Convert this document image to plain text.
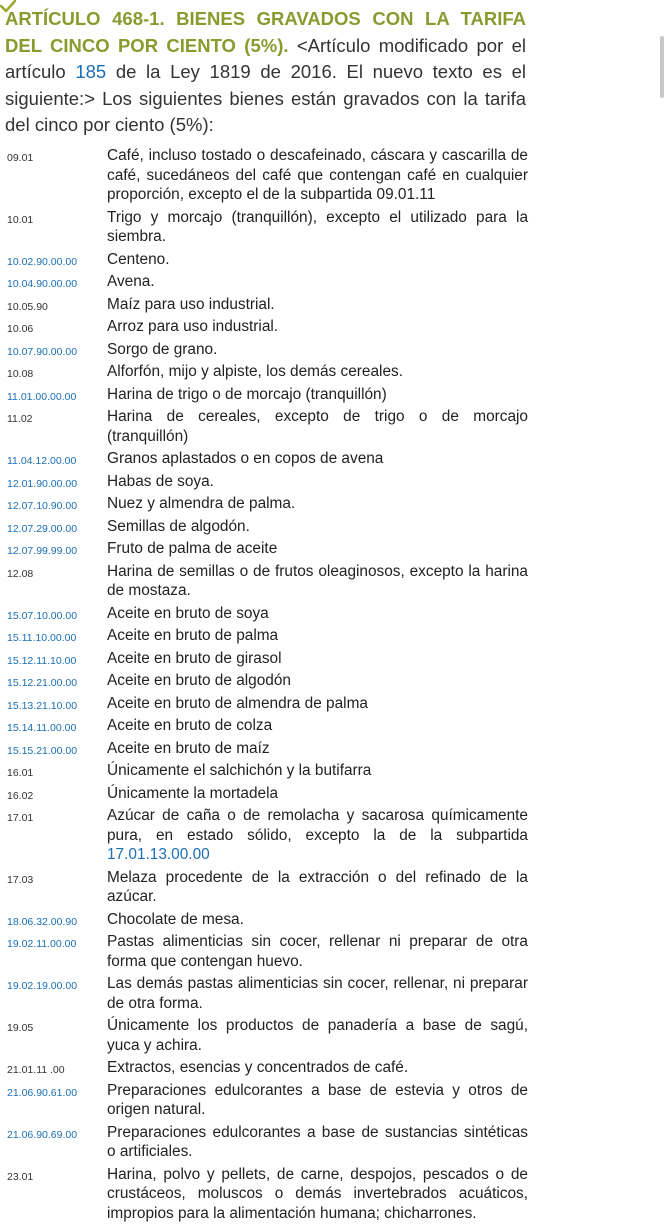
ARTÍCULO 468-1. BIENES GRAVADOS CON LA TARIFA DEL CINCO POR CIENTO (5%). <Artículo modificado por el artículo 185 de la Ley 1819 de 2016. El nuevo texto es el siguiente:> Los siguientes bienes están gravados con la tarifa del cinco por ciento (5%):
09.01	Café, incluso tostado o descafeinado, cáscara y cascarilla de café, sucedáneos del café que contengan café en cualquier proporción, excepto el de la subpartida 09.01.11
10.01	Trigo y morcajo (tranquillón), excepto el utilizado para la siembra.
10.02.90.00.00	Centeno.
10.04.90.00.00	Avena.
10.05.90	Maíz para uso industrial.
10.06	Arroz para uso industrial.
10.07.90.00.00	Sorgo de grano.
10.08	Alforfón, mijo y alpiste, los demás cereales.
11.01.00.00.00	Harina de trigo o de morcajo (tranquillón)
11.02	Harina de cereales, excepto de trigo o de morcajo (tranquillón)
11.04.12.00.00	Granos aplastados o en copos de avena
12.01.90.00.00	Habas de soya.
12.07.10.90.00	Nuez y almendra de palma.
12.07.29.00.00	Semillas de algodón.
12.07.99.99.00	Fruto de palma de aceite
12.08	Harina de semillas o de frutos oleaginosos, excepto la harina de mostaza.
15.07.10.00.00	Aceite en bruto de soya
15.11.10.00.00	Aceite en bruto de palma
15.12.11.10.00	Aceite en bruto de girasol
15.12.21.00.00	Aceite en bruto de algodón
15.13.21.10.00	Aceite en bruto de almendra de palma
15.14.11.00.00	Aceite en bruto de colza
15.15.21.00.00	Aceite en bruto de maíz
16.01	Únicamente el salchichón y la butifarra
16.02	Únicamente la mortadela
17.01	Azúcar de caña o de remolacha y sacarosa químicamente pura, en estado sólido, excepto la de la subpartida 17.01.13.00.00
17.03	Melaza procedente de la extracción o del refinado de la azúcar.
18.06.32.00.90	Chocolate de mesa.
19.02.11.00.00	Pastas alimenticias sin cocer, rellenar ni preparar de otra forma que contengan huevo.
19.02.19.00.00	Las demás pastas alimenticias sin cocer, rellenar, ni preparar de otra forma.
19.05	Únicamente los productos de panadería a base de sagú, yuca y achira.
21.01.11 .00	Extractos, esencias y concentrados de café.
21.06.90.61.00	Preparaciones edulcorantes a base de estevia y otros de origen natural.
21.06.90.69.00	Preparaciones edulcorantes a base de sustancias sintéticas o artificiales.
23.01	Harina, polvo y pellets, de carne, despojos, pescados o de crustáceos, moluscos o demás invertebrados acuáticos, impropios para la alimentación humana; chicharrones.
